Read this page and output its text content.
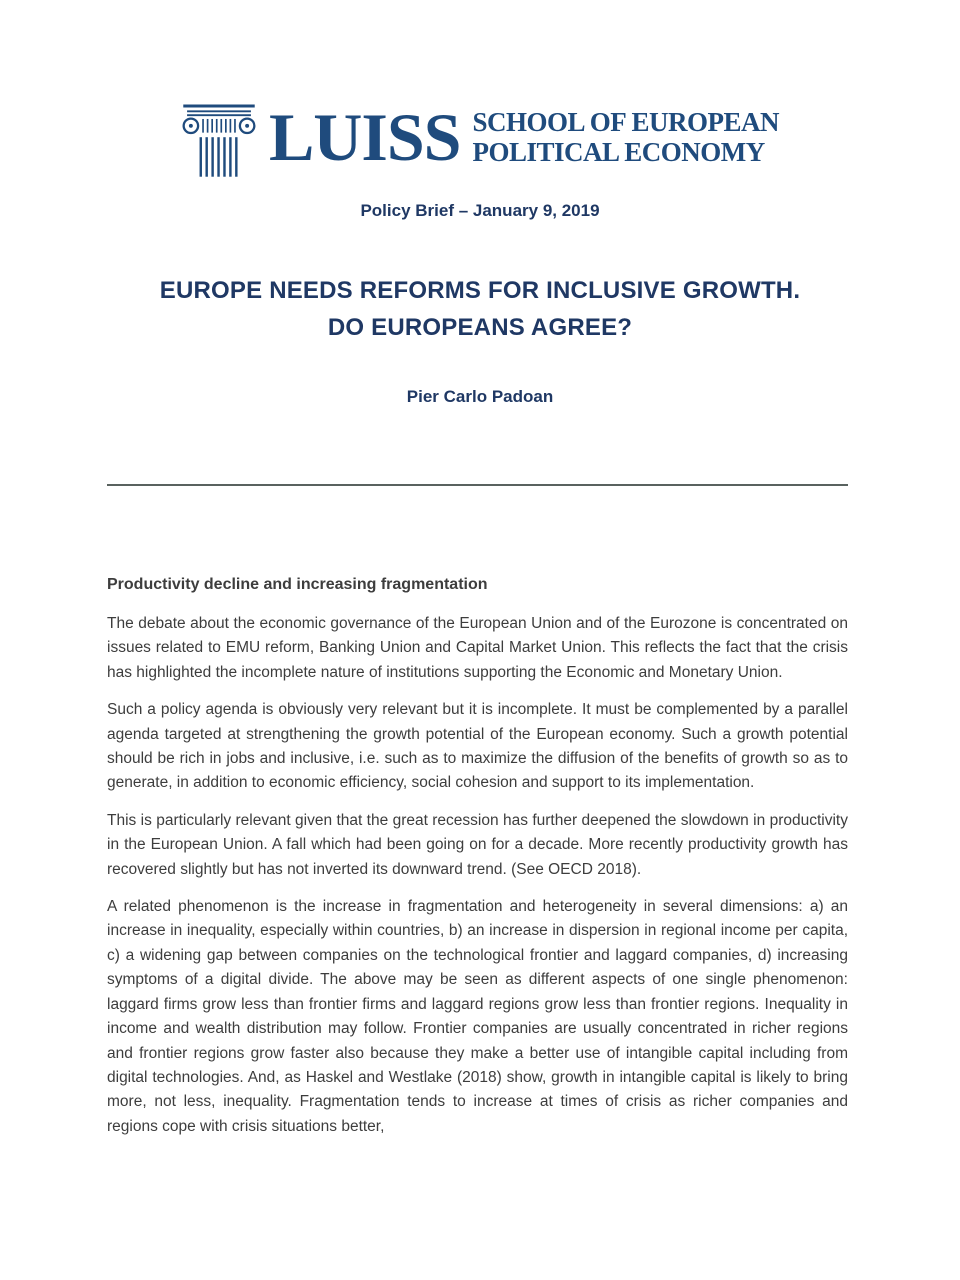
LUISS SCHOOL OF EUROPEAN
POLITICAL ECONOMY
Policy Brief – January 9, 2019
EUROPE NEEDS REFORMS FOR INCLUSIVE GROWTH.
DO EUROPEANS AGREE?
Pier Carlo Padoan
Productivity decline and increasing fragmentation

The debate about the economic governance of the European Union and of the Eurozone is concentrated on issues related to EMU reform, Banking Union and Capital Market Union. This reflects the fact that the crisis has highlighted the incomplete nature of institutions supporting the Economic and Monetary Union.

Such a policy agenda is obviously very relevant but it is incomplete. It must be complemented by a parallel agenda targeted at strengthening the growth potential of the European economy. Such a growth potential should be rich in jobs and inclusive, i.e. such as to maximize the diffusion of the benefits of growth so as to generate, in addition to economic efficiency, social cohesion and support to its implementation.

This is particularly relevant given that the great recession has further deepened the slowdown in productivity in the European Union. A fall which had been going on for a decade. More recently productivity growth has recovered slightly but has not inverted its downward trend. (See OECD 2018).

A related phenomenon is the increase in fragmentation and heterogeneity in several dimensions: a) an increase in inequality, especially within countries, b) an increase in dispersion in regional income per capita, c) a widening gap between companies on the technological frontier and laggard companies, d) increasing symptoms of a digital divide. The above may be seen as different aspects of one single phenomenon: laggard firms grow less than frontier firms and laggard regions grow less than frontier regions. Inequality in income and wealth distribution may follow. Frontier companies are usually concentrated in richer regions and frontier regions grow faster also because they make a better use of intangible capital including from digital technologies. And, as Haskel and Westlake (2018) show, growth in intangible capital is likely to bring more, not less, inequality. Fragmentation tends to increase at times of crisis as richer companies and regions cope with crisis situations better,
